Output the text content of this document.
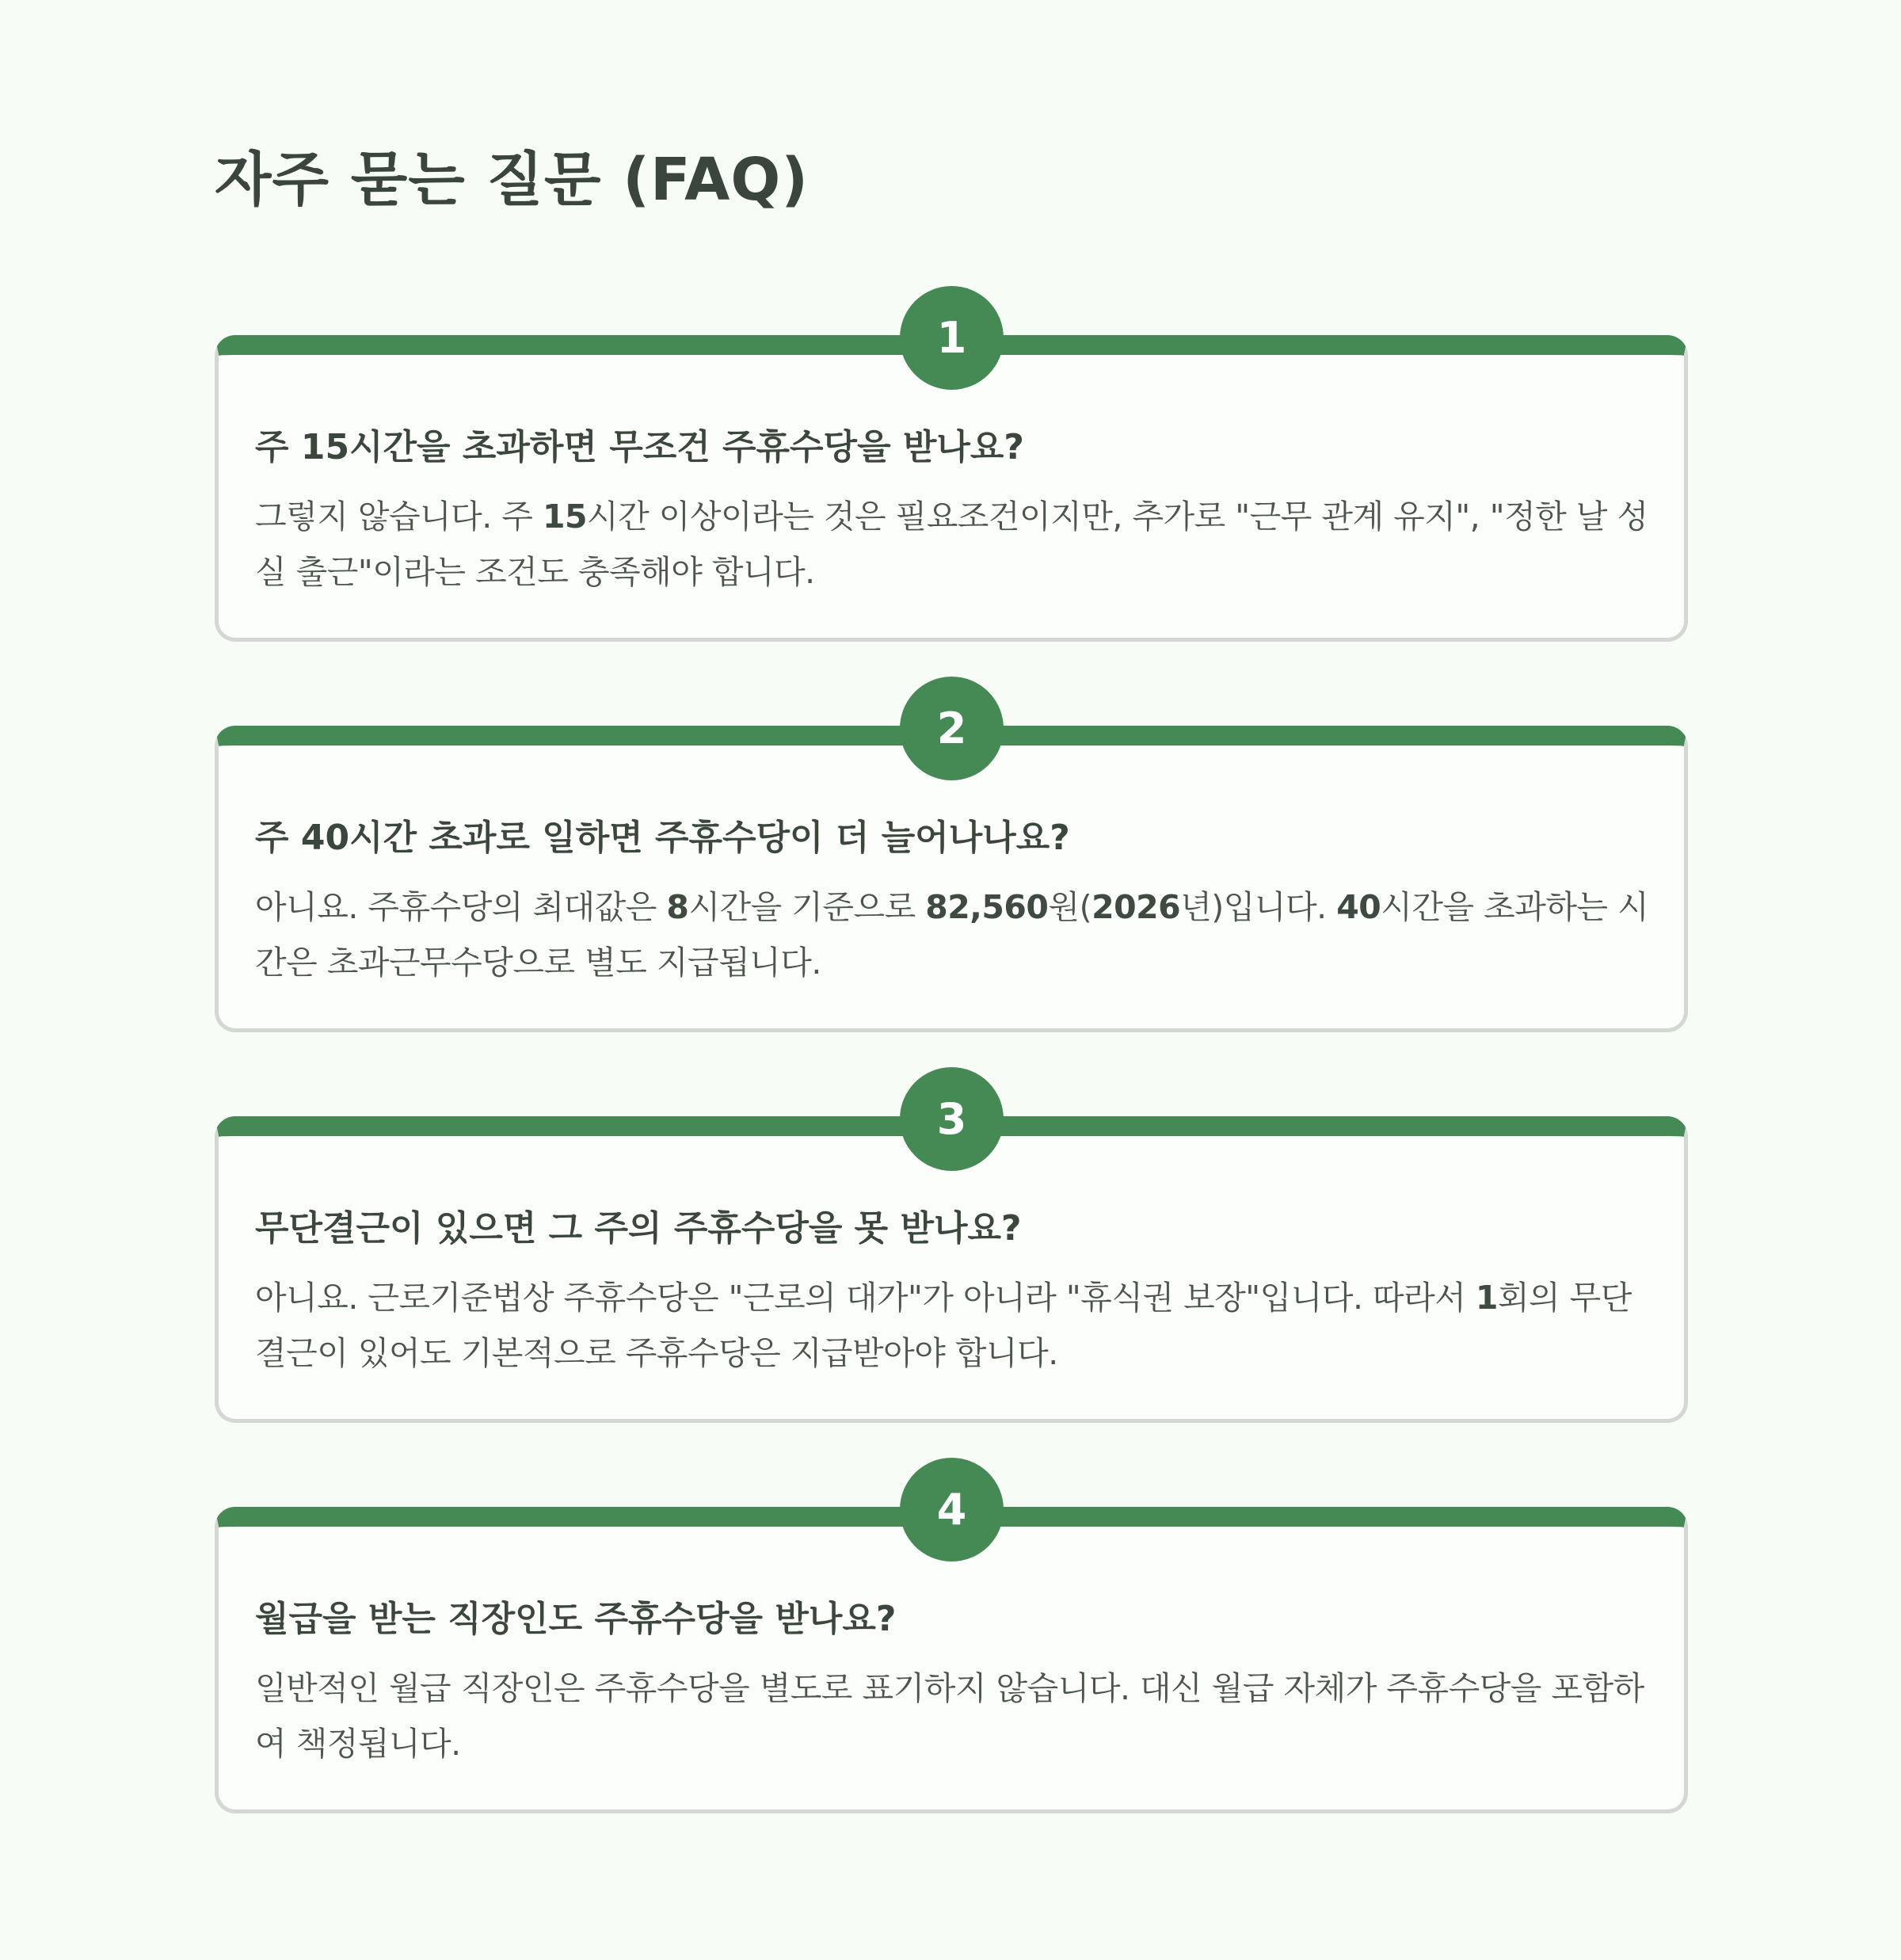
자주 묻는 질문 (FAQ)
1
주 15시간을 초과하면 무조건 주휴수당을 받나요?

그렇지 않습니다. 주 15시간 이상이라는 것은 필요조건이지만, 추가로 "근무 관계 유지", "정한 날 성실 출근"이라는 조건도 충족해야 합니다.

2
주 40시간 초과로 일하면 주휴수당이 더 늘어나나요?

아니요. 주휴수당의 최대값은 8시간을 기준으로 82,560원(2026년)입니다. 40시간을 초과하는 시간은 초과근무수당으로 별도 지급됩니다.

3
무단결근이 있으면 그 주의 주휴수당을 못 받나요?

아니요. 근로기준법상 주휴수당은 "근로의 대가"가 아니라 "휴식권 보장"입니다. 따라서 1회의 무단결근이 있어도 기본적으로 주휴수당은 지급받아야 합니다.

4
월급을 받는 직장인도 주휴수당을 받나요?

일반적인 월급 직장인은 주휴수당을 별도로 표기하지 않습니다. 대신 월급 자체가 주휴수당을 포함하여 책정됩니다.
